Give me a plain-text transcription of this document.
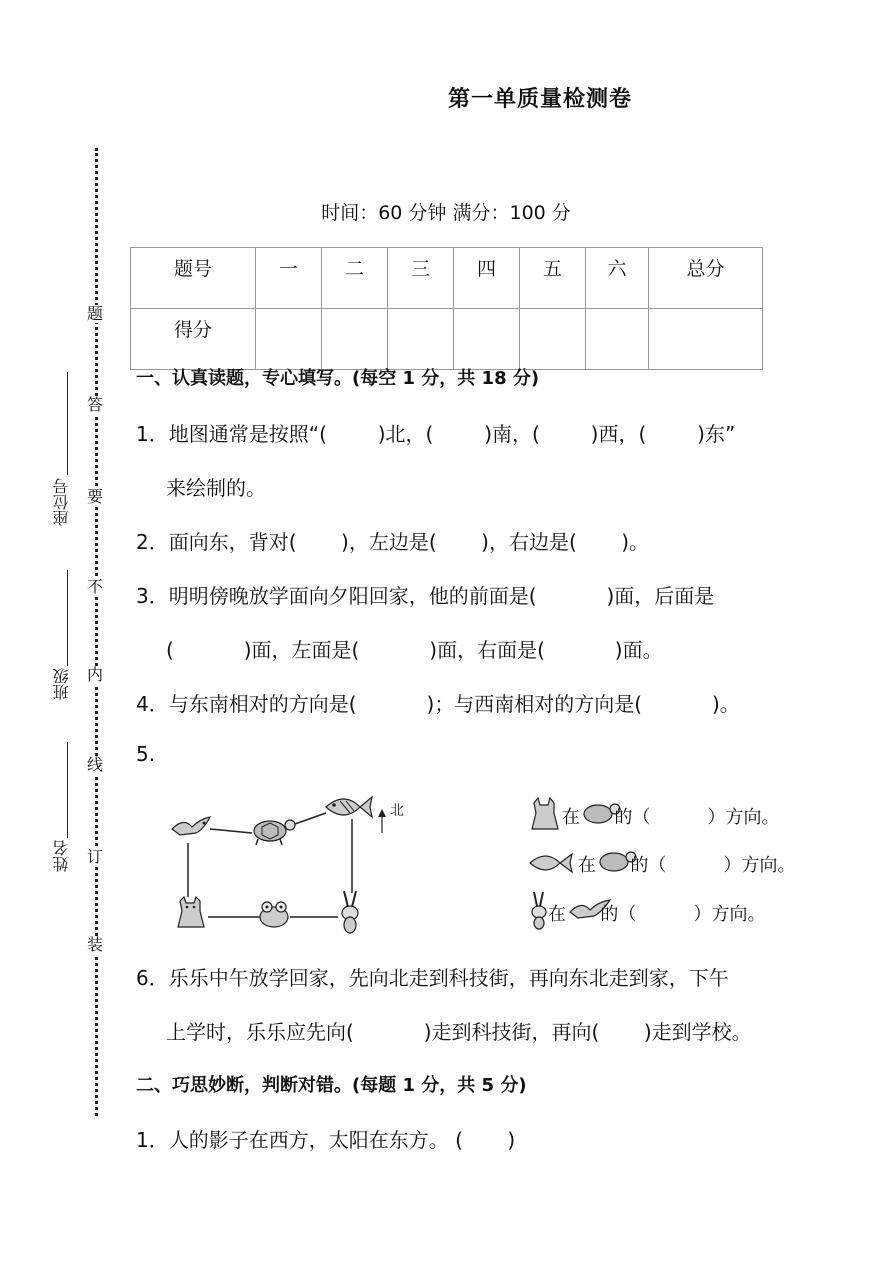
第一单质量检测卷
时间：60 分钟 满分：100 分
题
答
要
不
内
线
订
装
座位号
班级
姓名
题号	一	二	三	四	五	六	总分
得分							
一、认真读题，专心填写。(每空 1 分，共 18 分)
1．地图通常是按照“(        )北，(        )南，(        )西，(        )东”
来绘制的。
2．面向东，背对(       )，左边是(       )，右边是(       )。
3．明明傍晚放学面向夕阳回家，他的前面是(           )面，后面是
(           )面，左面是(           )面，右面是(           )面。
4．与东南相对的方向是(           )；与西南相对的方向是(           )。
5.
北	在      的（          ）方向。
在      的（          ）方向。
在      的（          ）方向。
6．乐乐中午放学回家，先向北走到科技街，再向东北走到家，下午
上学时，乐乐应先向(           )走到科技街，再向(       )走到学校。
二、巧思妙断，判断对错。(每题 1 分，共 5 分)
1．人的影子在西方，太阳在东方。 (       )
